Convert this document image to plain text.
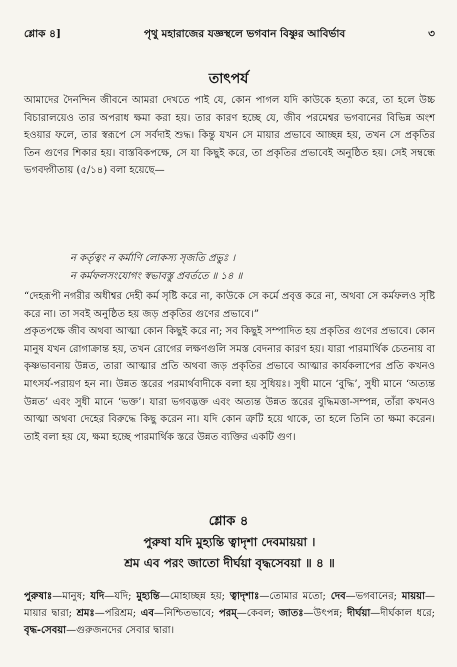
শ্লোক ৪]	পৃথু মহারাজের যজ্ঞস্থলে ভগবান বিষ্ণুর আবির্ভাব	৩
তাৎপর্য

আমাদের দৈনন্দিন জীবনে আমরা দেখতে পাই যে, কোন পাগল যদি কাউকে হত্যা করে, তা হলে উচ্চ বিচারালয়েও তার অপরাধ ক্ষমা করা হয়। তার কারণ হচ্ছে যে, জীব পরমেশ্বর ভগবানের বিভিন্ন অংশ হওয়ার ফলে, তার স্বরূপে সে সর্বদাই শুদ্ধ। কিন্তু যখন সে মায়ার প্রভাবে আচ্ছন্ন হয়, তখন সে প্রকৃতির তিন গুণের শিকার হয়। বাস্তবিকপক্ষে, সে যা কিছুই করে, তা প্রকৃতির প্রভাবেই অনুষ্ঠিত হয়। সেই সম্বন্ধে ভগবদ্গীতায় (৫/১৪) বলা হয়েছে—

ন কর্তৃত্বং ন কর্মাণি লোকস্য সৃজতি প্রভুঃ ।
ন কর্মফলসংযোগং স্বভাবস্তু প্রবর্ততে ॥ ১৪ ॥

“দেহরূপী নগরীর অধীশ্বর দেহী কর্ম সৃষ্টি করে না, কাউকে সে কর্মে প্রবৃত্ত করে না, অথবা সে কর্মফলও সৃষ্টি করে না। তা সবই অনুষ্ঠিত হয় জড় প্রকৃতির গুণের প্রভাবে।”

প্রকৃতপক্ষে জীব অথবা আত্মা কোন কিছুই করে না; সব কিছুই সম্পাদিত হয় প্রকৃতির গুণের প্রভাবে। কোন মানুষ যখন রোগাক্রান্ত হয়, তখন রোগের লক্ষণগুলি সমস্ত বেদনার কারণ হয়। যারা পারমার্থিক চেতনায় বা কৃষ্ণভাবনায় উন্নত, তারা আত্মার প্রতি অথবা জড় প্রকৃতির প্রভাবে আত্মার কার্যকলাপের প্রতি কখনও মাৎসর্য-পরায়ণ হন না। উন্নত স্তরের পরমার্থবাদীকে বলা হয় সুধিয়ঃ। সুধী মানে ‘বুদ্ধি’, সুধী মানে ‘অত্যন্ত উন্নত’ এবং সুধী মানে ‘ভক্ত’। যারা ভগবদ্ভক্ত এবং অত্যন্ত উন্নত স্তরের বুদ্ধিমত্তা-সম্পন্ন, তাঁরা কখনও আত্মা অথবা দেহের বিরুদ্ধে কিছু করেন না। যদি কোন ত্রুটি হয়ে থাকে, তা হলে তিনি তা ক্ষমা করেন। তাই বলা হয় যে, ক্ষমা হচ্ছে পারমার্থিক স্তরে উন্নত ব্যক্তির একটি গুণ।

শ্লোক ৪
পুরুষা যদি মুহ্যন্তি ত্বাদৃশা দেবমায়য়া ।
শ্রম এব পরং জাতো দীর্ঘয়া বৃদ্ধসেবয়া ॥ ৪ ॥
পুরুষাঃ—মানুষ; যদি—যদি; মুহ্যন্তি—মোহাচ্ছন্ন হয়; ত্বাদৃশাঃ—তোমার মতো; দেব—ভগবানের; মায়য়া—মায়ার দ্বারা; শ্রমঃ—পরিশ্রম; এব—নিশ্চিতভাবে; পরম্—কেবল; জাতঃ—উৎপন্ন; দীর্ঘয়া—দীর্ঘকাল ধরে; বৃদ্ধ-সেবয়া—গুরুজনদের সেবার দ্বারা।
